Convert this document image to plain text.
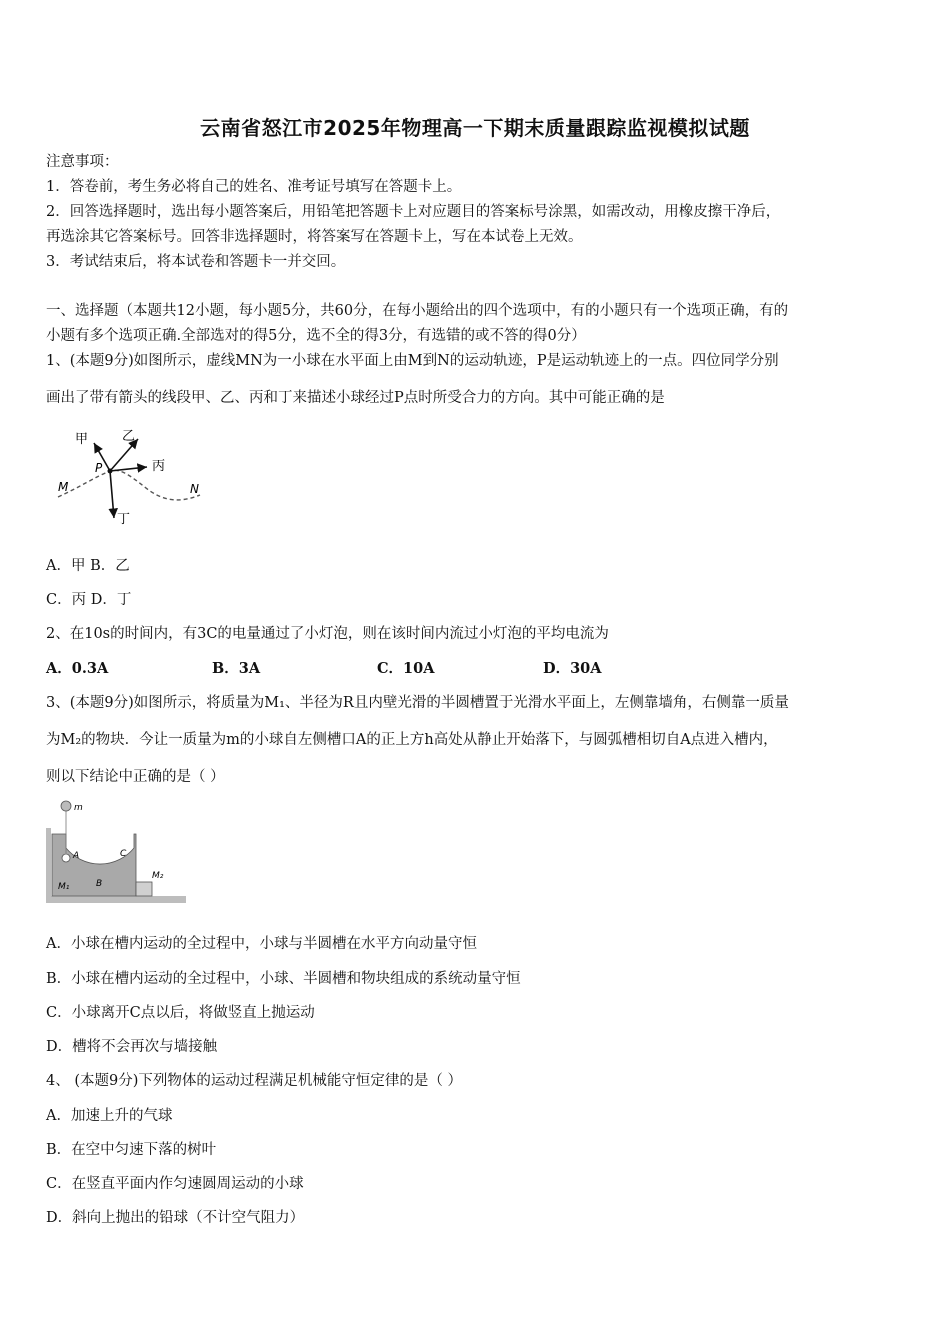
云南省怒江市2025年物理高一下期末质量跟踪监视模拟试题
注意事项：
1．答卷前，考生务必将自己的姓名、准考证号填写在答题卡上。
2．回答选择题时，选出每小题答案后，用铅笔把答题卡上对应题目的答案标号涂黑，如需改动，用橡皮擦干净后，
再选涂其它答案标号。回答非选择题时，将答案写在答题卡上，写在本试卷上无效。
3．考试结束后，将本试卷和答题卡一并交回。
一、选择题（本题共12小题，每小题5分，共60分，在每小题给出的四个选项中，有的小题只有一个选项正确，有的
小题有多个选项正确.全部选对的得5分，选不全的得3分，有选错的或不答的得0分）
1、(本题9分)如图所示，虚线MN为一小球在水平面上由M到N的运动轨迹，P是运动轨迹上的一点。四位同学分别
画出了带有箭头的线段甲、乙、丙和丁来描述小球经过P点时所受合力的方向。其中可能正确的是
甲	乙
丙
丁
P
M	N
A．甲 B．乙
C．丙 D．丁
2、在10s的时间内，有3C的电量通过了小灯泡，则在该时间内流过小灯泡的平均电流为
A．0.3A	B．3A	C．10A	D．30A
3、(本题9分)如图所示，将质量为M₁、半径为R且内壁光滑的半圆槽置于光滑水平面上，左侧靠墙角，右侧靠一质量
为M₂的物块．今让一质量为m的小球自左侧槽口A的正上方h高处从静止开始落下，与圆弧槽相切自A点进入槽内，
则以下结论中正确的是（ ）
m
A
B
C
M₁
M₂
A．小球在槽内运动的全过程中，小球与半圆槽在水平方向动量守恒
B．小球在槽内运动的全过程中，小球、半圆槽和物块组成的系统动量守恒
C．小球离开C点以后，将做竖直上抛运动
D．槽将不会再次与墙接触
4、 (本题9分)下列物体的运动过程满足机械能守恒定律的是（ ）
A．加速上升的气球
B．在空中匀速下落的树叶
C．在竖直平面内作匀速圆周运动的小球
D．斜向上抛出的铅球（不计空气阻力）
